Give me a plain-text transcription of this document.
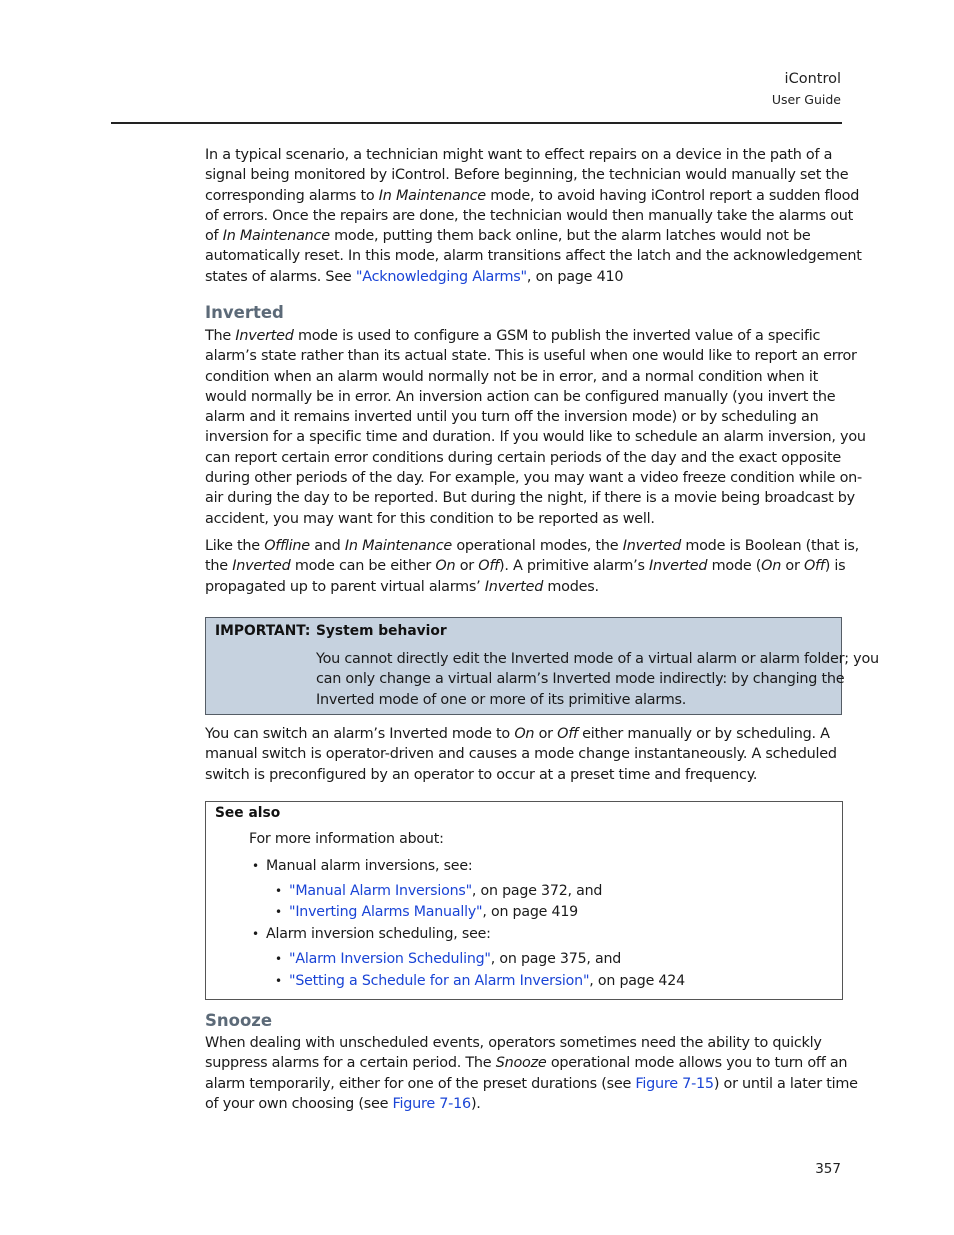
iControl
User Guide
In a typical scenario, a technician might want to effect repairs on a device in the path of a
signal being monitored by iControl. Before beginning, the technician would manually set the
corresponding alarms to In Maintenance mode, to avoid having iControl report a sudden flood
of errors. Once the repairs are done, the technician would then manually take the alarms out
of In Maintenance mode, putting them back online, but the alarm latches would not be
automatically reset. In this mode, alarm transitions affect the latch and the acknowledgement
states of alarms. See "Acknowledging Alarms", on page 410
Inverted
The Inverted mode is used to configure a GSM to publish the inverted value of a specific
alarm’s state rather than its actual state. This is useful when one would like to report an error
condition when an alarm would normally not be in error, and a normal condition when it
would normally be in error. An inversion action can be configured manually (you invert the
alarm and it remains inverted until you turn off the inversion mode) or by scheduling an
inversion for a specific time and duration. If you would like to schedule an alarm inversion, you
can report certain error conditions during certain periods of the day and the exact opposite
during other periods of the day. For example, you may want a video freeze condition while on-
air during the day to be reported. But during the night, if there is a movie being broadcast by
accident, you may want for this condition to be reported as well.
Like the Offline and In Maintenance operational modes, the Inverted mode is Boolean (that is,
the Inverted mode can be either On or Off). A primitive alarm’s Inverted mode (On or Off) is
propagated up to parent virtual alarms’ Inverted modes.
IMPORTANT: System behavior
You cannot directly edit the Inverted mode of a virtual alarm or alarm folder; you
can only change a virtual alarm’s Inverted mode indirectly: by changing the
Inverted mode of one or more of its primitive alarms.
You can switch an alarm’s Inverted mode to On or Off either manually or by scheduling. A
manual switch is operator-driven and causes a mode change instantaneously. A scheduled
switch is preconfigured by an operator to occur at a preset time and frequency.
See also
For more information about:
• Manual alarm inversions, see:
• "Manual Alarm Inversions", on page 372, and
• "Inverting Alarms Manually", on page 419
• Alarm inversion scheduling, see:
• "Alarm Inversion Scheduling", on page 375, and
• "Setting a Schedule for an Alarm Inversion", on page 424
Snooze
When dealing with unscheduled events, operators sometimes need the ability to quickly
suppress alarms for a certain period. The Snooze operational mode allows you to turn off an
alarm temporarily, either for one of the preset durations (see Figure 7-15) or until a later time
of your own choosing (see Figure 7-16).
357
